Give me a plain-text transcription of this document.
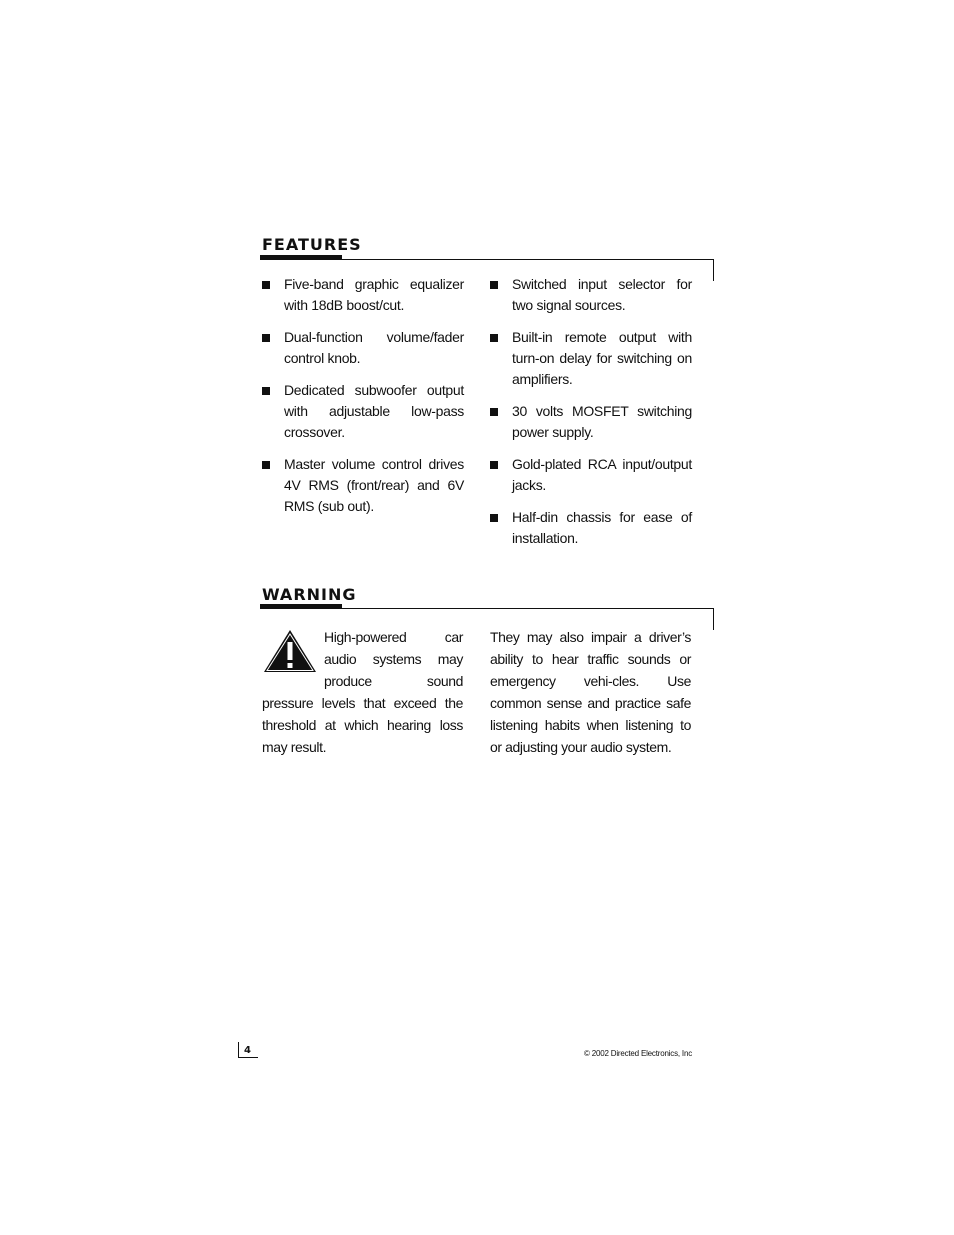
FEATURES
Five-band graphic equalizer with 18dB boost/cut.
Dual-function volume/fader control knob.
Dedicated subwoofer output with adjustable low-pass crossover.
Master volume control drives 4V RMS (front/rear) and 6V RMS (sub out).
Switched input selector for two signal sources.
Built-in remote output with turn-on delay for switching on amplifiers.
30 volts MOSFET switching power supply.
Gold-plated RCA input/output jacks.
Half-din chassis for ease of installation.
WARNING
High-powered car audio systems may produce sound pressure levels that exceed the threshold at which hearing loss may result.
They may also impair a driver’s ability to hear traffic sounds or emergency vehi-cles. Use common sense and practice safe listening habits when listening to or adjusting your audio system.
4	© 2002 Directed Electronics, Inc
